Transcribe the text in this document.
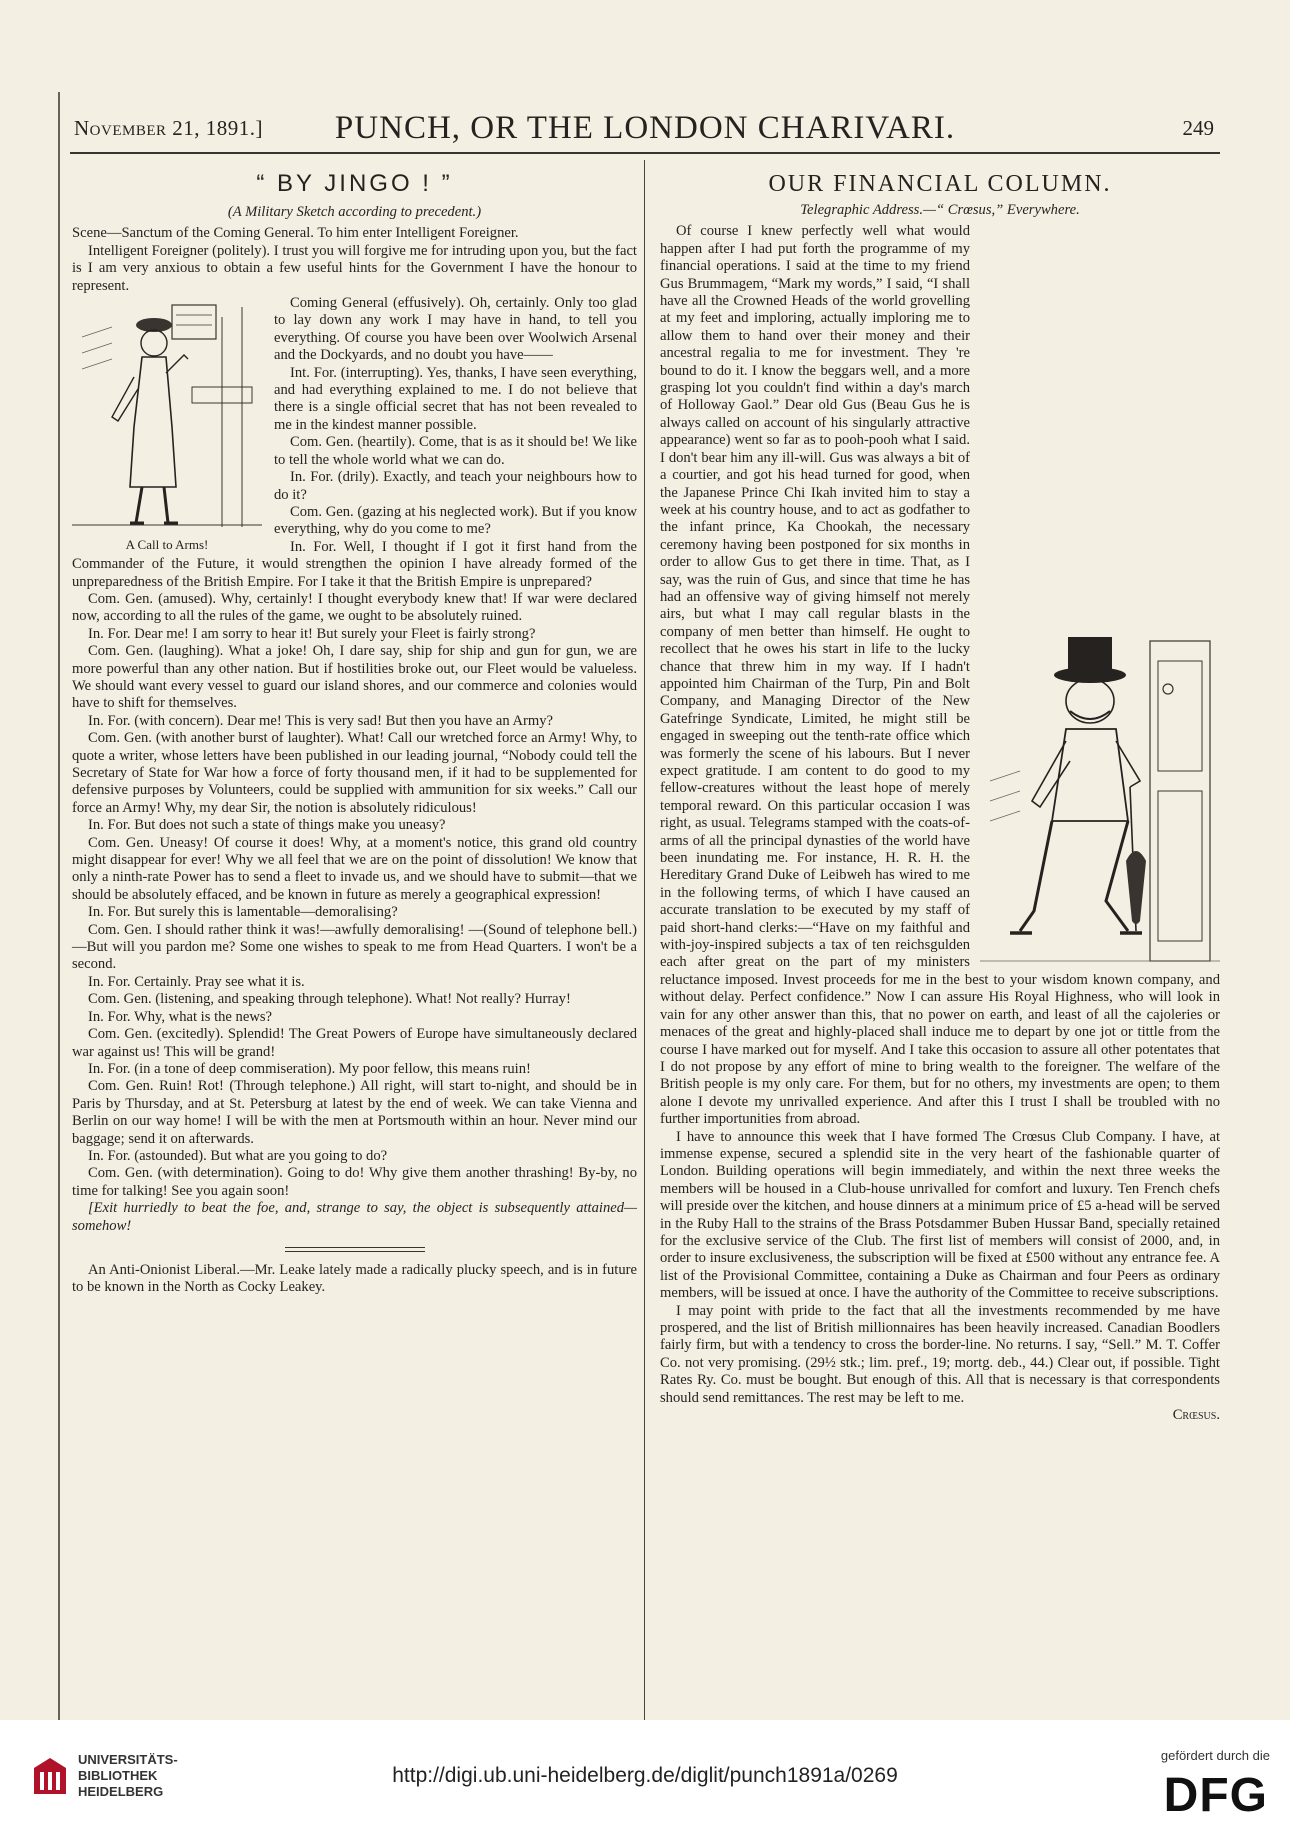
November 21, 1891.]	PUNCH, OR THE LONDON CHARIVARI.	249
“ BY JINGO ! ”
(A Military Sketch according to precedent.)

Scene—Sanctum of the Coming General. To him enter Intelligent Foreigner.

Intelligent Foreigner (politely). I trust you will forgive me for intruding upon you, but the fact is I am very anxious to obtain a few useful hints for the Government I have the honour to represent.

A Call to Arms!

Coming General (effusively). Oh, certainly. Only too glad to lay down any work I may have in hand, to tell you everything. Of course you have been over Woolwich Arsenal and the Dockyards, and no doubt you have——

Int. For. (interrupting). Yes, thanks, I have seen everything, and had everything explained to me. I do not believe that there is a single official secret that has not been revealed to me in the kindest manner possible.

Com. Gen. (heartily). Come, that is as it should be! We like to tell the whole world what we can do.

In. For. (drily). Exactly, and teach your neighbours how to do it?

Com. Gen. (gazing at his neglected work). But if you know everything, why do you come to me?

In. For. Well, I thought if I got it first hand from the Commander of the Future, it would strengthen the opinion I have already formed of the unpreparedness of the British Empire. For I take it that the British Empire is unprepared?

Com. Gen. (amused). Why, certainly! I thought everybody knew that! If war were declared now, according to all the rules of the game, we ought to be absolutely ruined.

In. For. Dear me! I am sorry to hear it! But surely your Fleet is fairly strong?

Com. Gen. (laughing). What a joke! Oh, I dare say, ship for ship and gun for gun, we are more powerful than any other nation. But if hostilities broke out, our Fleet would be valueless. We should want every vessel to guard our island shores, and our commerce and colonies would have to shift for themselves.

In. For. (with concern). Dear me! This is very sad! But then you have an Army?

Com. Gen. (with another burst of laughter). What! Call our wretched force an Army! Why, to quote a writer, whose letters have been published in our leading journal, “Nobody could tell the Secretary of State for War how a force of forty thousand men, if it had to be supplemented for defensive purposes by Volunteers, could be supplied with ammunition for six weeks.” Call our force an Army! Why, my dear Sir, the notion is absolutely ridiculous!

In. For. But does not such a state of things make you uneasy?

Com. Gen. Uneasy! Of course it does! Why, at a moment's notice, this grand old country might disappear for ever! Why we all feel that we are on the point of dissolution! We know that only a ninth-rate Power has to send a fleet to invade us, and we should have to submit—that we should be absolutely effaced, and be known in future as merely a geographical expression!

In. For. But surely this is lamentable—demoralising?

Com. Gen. I should rather think it was!—awfully demoralising! —(Sound of telephone bell.)—But will you pardon me? Some one wishes to speak to me from Head Quarters. I won't be a second.

In. For. Certainly. Pray see what it is.

Com. Gen. (listening, and speaking through telephone). What! Not really? Hurray!

In. For. Why, what is the news?

Com. Gen. (excitedly). Splendid! The Great Powers of Europe have simultaneously declared war against us! This will be grand!

In. For. (in a tone of deep commiseration). My poor fellow, this means ruin!

Com. Gen. Ruin! Rot! (Through telephone.) All right, will start to-night, and should be in Paris by Thursday, and at St. Petersburg at latest by the end of week. We can take Vienna and Berlin on our way home! I will be with the men at Portsmouth within an hour. Never mind our baggage; send it on afterwards.

In. For. (astounded). But what are you going to do?

Com. Gen. (with determination). Going to do! Why give them another thrashing! By-by, no time for talking! See you again soon!

[Exit hurriedly to beat the foe, and, strange to say, the object is subsequently attained—somehow!

An Anti-Onionist Liberal.—Mr. Leake lately made a radically plucky speech, and is in future to be known in the North as Cocky Leakey.

OUR FINANCIAL COLUMN.
Telegraphic Address.—“ Crœsus,” Everywhere.

Of course I knew perfectly well what would happen after I had put forth the programme of my financial operations. I said at the time to my friend Gus Brummagem, “Mark my words,” I said, “I shall have all the Crowned Heads of the world grovelling at my feet and imploring, actually imploring me to allow them to hand over their money and their ancestral regalia to me for investment. They 're bound to do it. I know the beggars well, and a more grasping lot you couldn't find within a day's march of Holloway Gaol.” Dear old Gus (Beau Gus he is always called on account of his singularly attractive appearance) went so far as to pooh-pooh what I said. I don't bear him any ill-will. Gus was always a bit of a courtier, and got his head turned for good, when the Japanese Prince Chi Ikah invited him to stay a week at his country house, and to act as godfather to the infant prince, Ka Chookah, the necessary ceremony having been postponed for six months in order to allow Gus to get there in time. That, as I say, was the ruin of Gus, and since that time he has had an offensive way of giving himself not merely airs, but what I may call regular blasts in the company of men better than himself. He ought to recollect that he owes his start in life to the lucky chance that threw him in my way. If I hadn't appointed him Chairman of the Turp, Pin and Bolt Company, and Managing Director of the New Gatefringe Syndicate, Limited, he might still be engaged in sweeping out the tenth-rate office which was formerly the scene of his labours. But I never expect gratitude. I am content to do good to my fellow-creatures without the least hope of merely temporal reward. On this particular occasion I was right, as usual. Telegrams stamped with the coats-of-arms of all the principal dynasties of the world have been inundating me. For instance, H. R. H. the Hereditary Grand Duke of Leibweh has wired to me in the following terms, of which I have caused an accurate translation to be executed by my staff of paid short-hand clerks:—“Have on my faithful and with-joy-inspired subjects a tax of ten reichsgulden each after great on the part of my ministers reluctance imposed. Invest proceeds for me in the best to your wisdom known company, and without delay. Perfect confidence.” Now I can assure His Royal Highness, who will look in vain for any other answer than this, that no power on earth, and least of all the cajoleries or menaces of the great and highly-placed shall induce me to depart by one jot or tittle from the course I have marked out for myself. And I take this occasion to assure all other potentates that I do not propose by any effort of mine to bring wealth to the foreigner. The welfare of the British people is my only care. For them, but for no others, my investments are open; to them alone I devote my unrivalled experience. And after this I trust I shall be troubled with no further importunities from abroad.

I have to announce this week that I have formed The Crœsus Club Company. I have, at immense expense, secured a splendid site in the very heart of the fashionable quarter of London. Building operations will begin immediately, and within the next three weeks the members will be housed in a Club-house unrivalled for comfort and luxury. Ten French chefs will preside over the kitchen, and house dinners at a minimum price of £5 a-head will be served in the Ruby Hall to the strains of the Brass Potsdammer Buben Hussar Band, specially retained for the exclusive service of the Club. The first list of members will consist of 2000, and, in order to insure exclusiveness, the subscription will be fixed at £500 without any entrance fee. A list of the Provisional Committee, containing a Duke as Chairman and four Peers as ordinary members, will be issued at once. I have the authority of the Committee to receive subscriptions.

I may point with pride to the fact that all the investments recommended by me have prospered, and the list of British millionnaires has been heavily increased. Canadian Boodlers fairly firm, but with a tendency to cross the border-line. No returns. I say, “Sell.” M. T. Coffer Co. not very promising. (29½ stk.; lim. pref., 19; mortg. deb., 44.) Clear out, if possible. Tight Rates Ry. Co. must be bought. But enough of this. All that is necessary is that correspondents should send remittances. The rest may be left to me.

Crœsus.
UNIVERSITÄTS-
BIBLIOTHEK
HEIDELBERG
http://digi.ub.uni-heidelberg.de/diglit/punch1891a/0269
gefördert durch die
DFG
